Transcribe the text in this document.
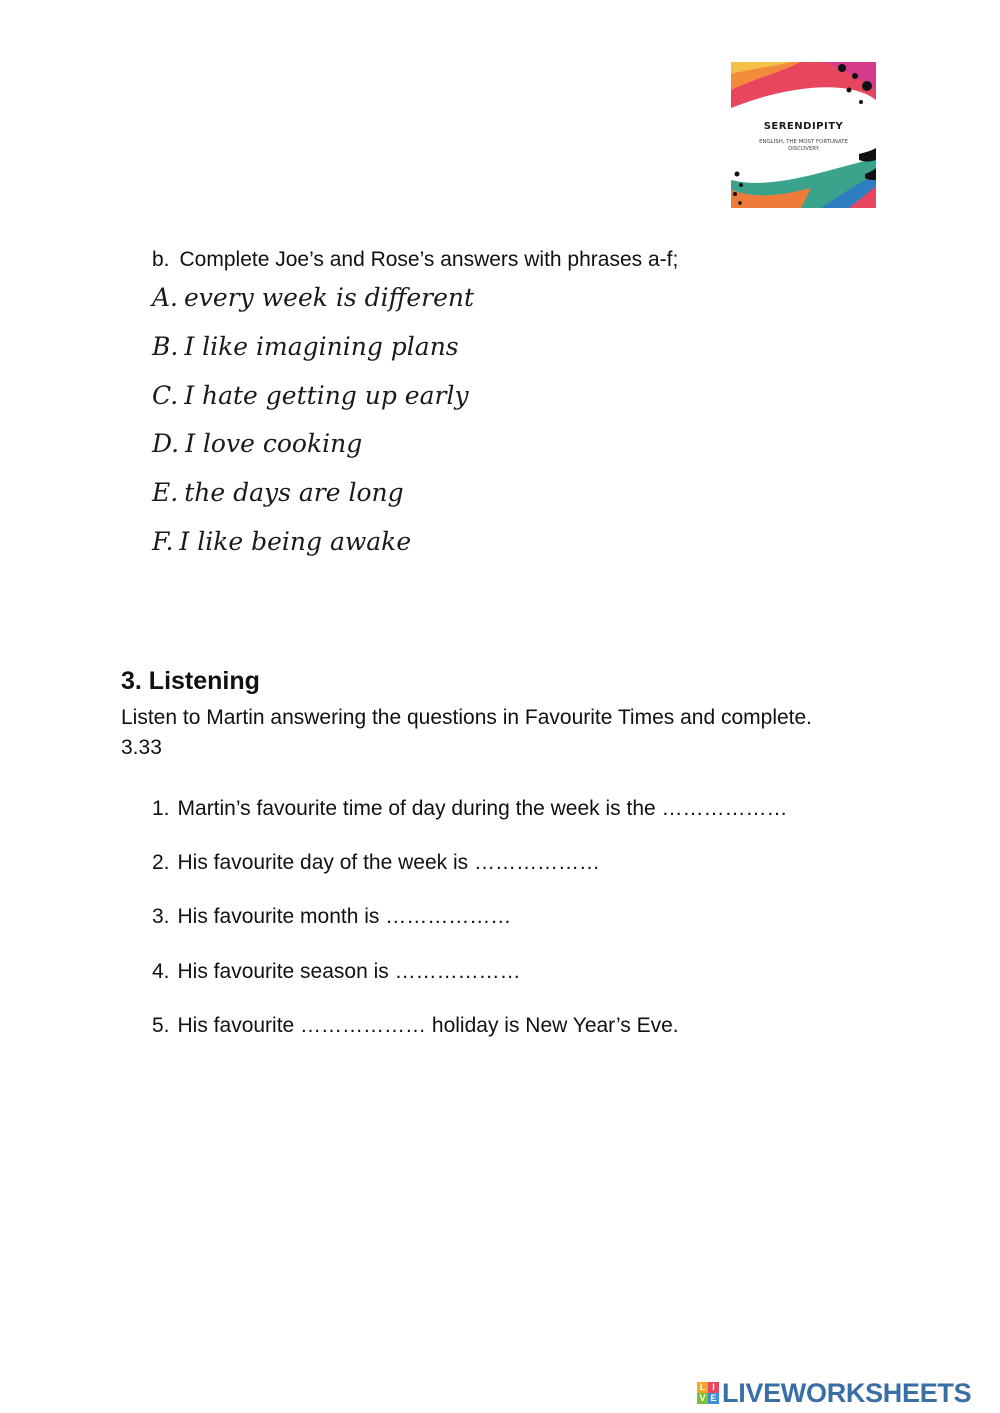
SERENDIPITY
ENGLISH, THE MOST FORTUNATE DISCOVERY
b. Complete Joe’s and Rose’s answers with phrases a-f;
A. every week is different
B. I like imagining plans
C. I hate getting up early
D. I love cooking
E. the days are long
F. I like being awake
3. Listening

Listen to Martin answering the questions in Favourite Times and complete. 3.33

1. Martin’s favourite time of day during the week is the ………………
2. His favourite day of the week is ………………
3. His favourite month is ………………
4. His favourite season is ………………
5. His favourite ……………… holiday is New Year’s Eve.
L I
V E LIVEWORKSHEETS
